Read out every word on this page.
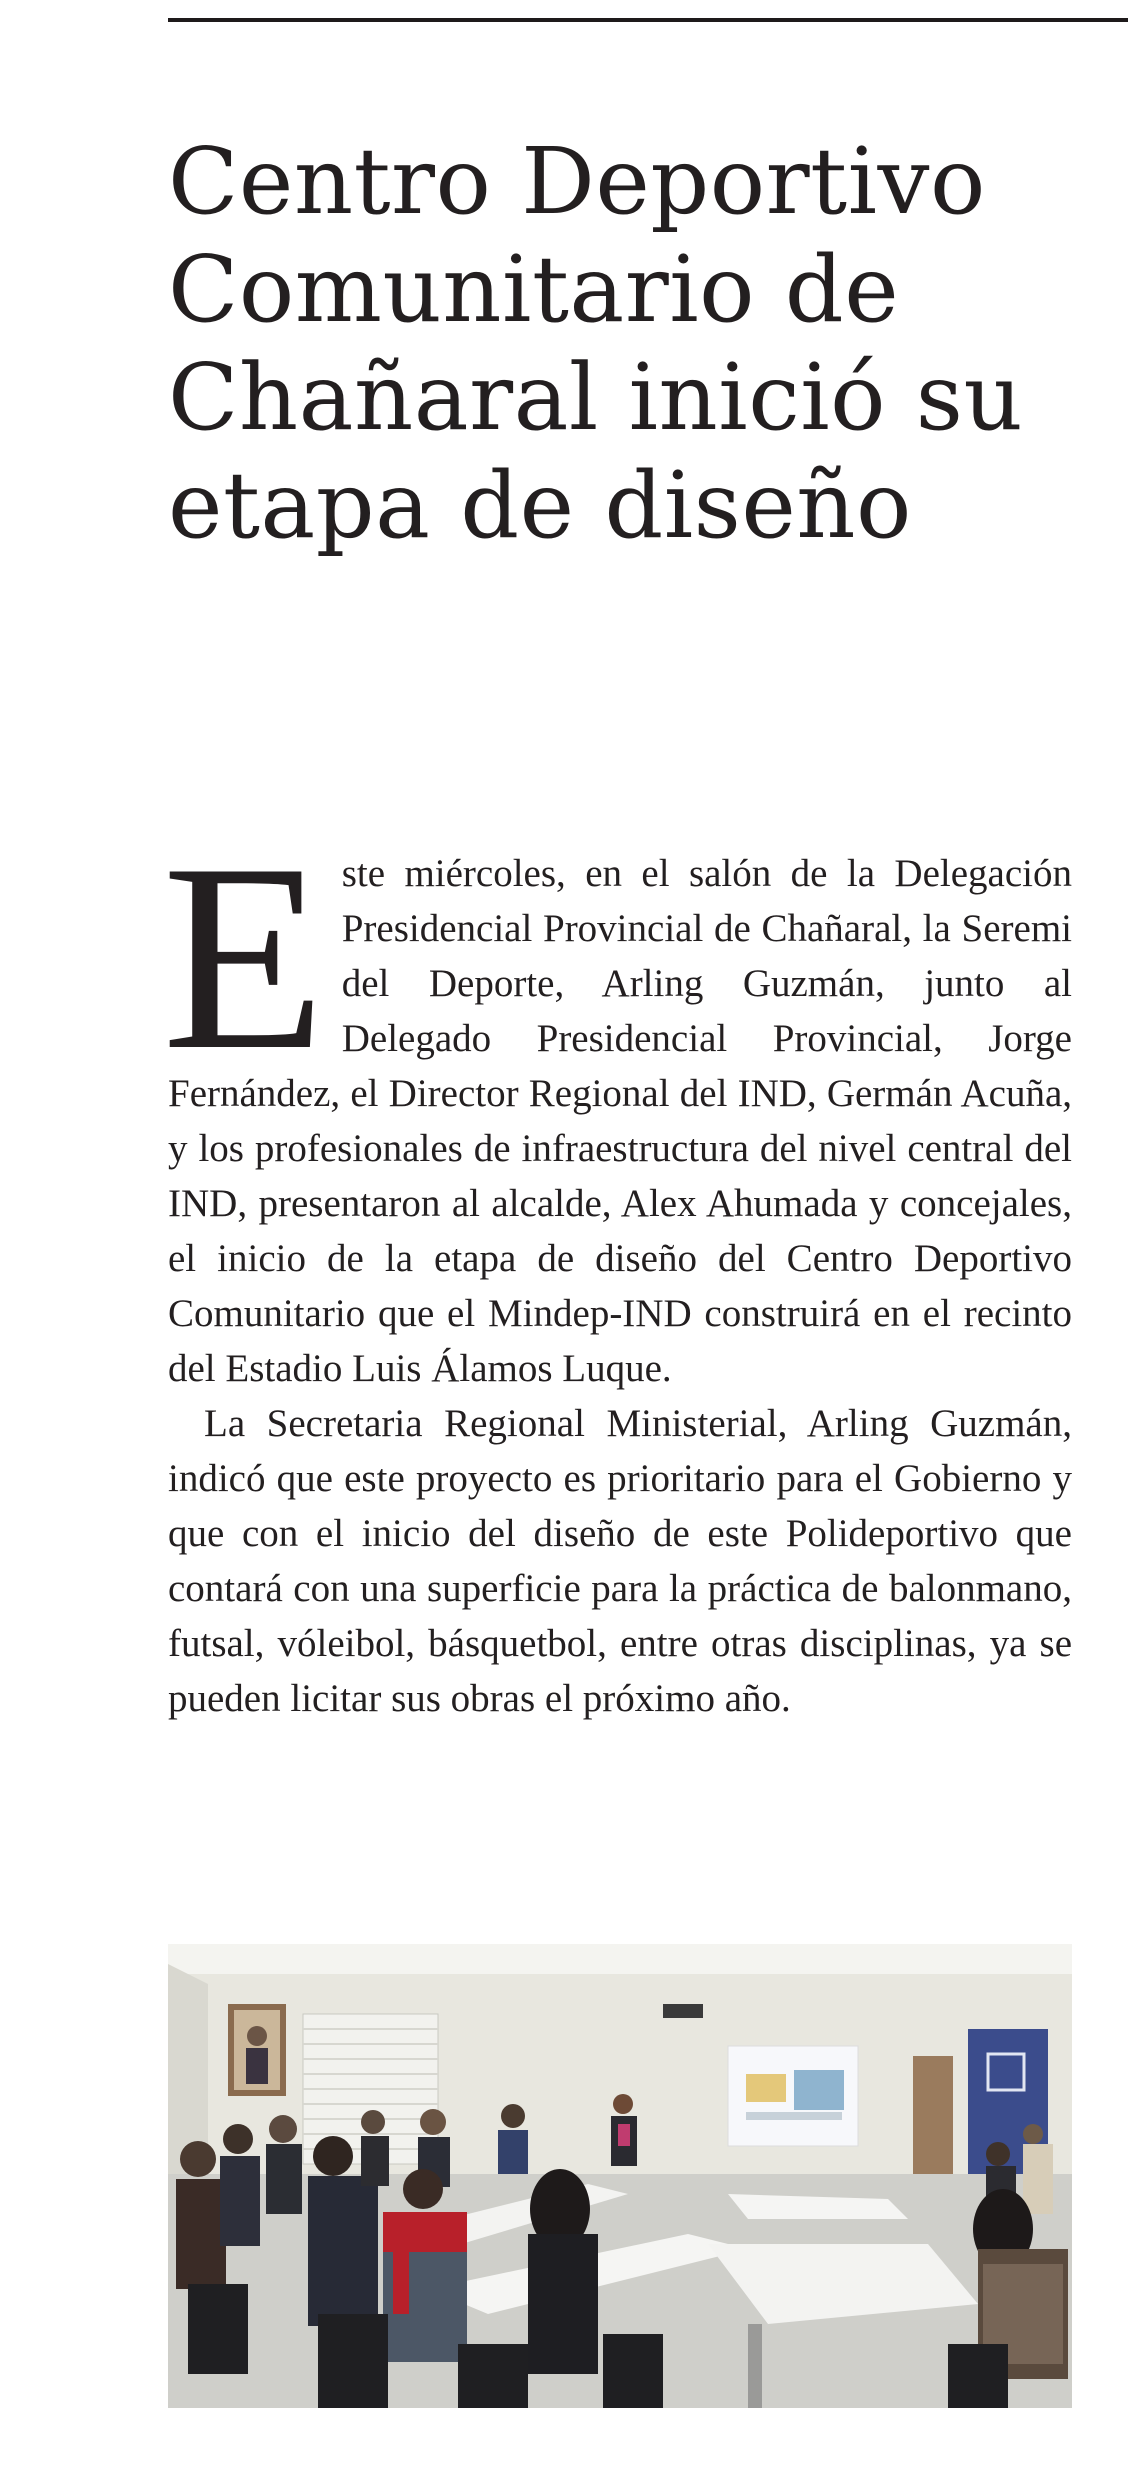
Centro Deportivo Comunitario de Chañaral inició su etapa de diseño

Este miércoles, en el salón de la Delegación Presidencial Provincial de Chañaral, la Seremi del Deporte, Arling Guzmán, junto al Delegado Presidencial Provincial, Jorge Fernández, el Director Regional del IND, Germán Acuña, y los profesionales de infraestructura del nivel central del IND, presentaron al alcalde, Alex Ahumada y concejales, el inicio de la etapa de diseño del Centro Deportivo Comunitario que el Mindep-IND construirá en el recinto del Estadio Luis Álamos Luque.

La Secretaria Regional Ministerial, Arling Guzmán, indicó que este proyecto es prioritario para el Gobierno y que con el inicio del diseño de este Polideportivo que contará con una superficie para la práctica de balonmano, futsal, vóleibol, básquetbol, entre otras disciplinas, ya se pueden licitar sus obras el próximo año.
